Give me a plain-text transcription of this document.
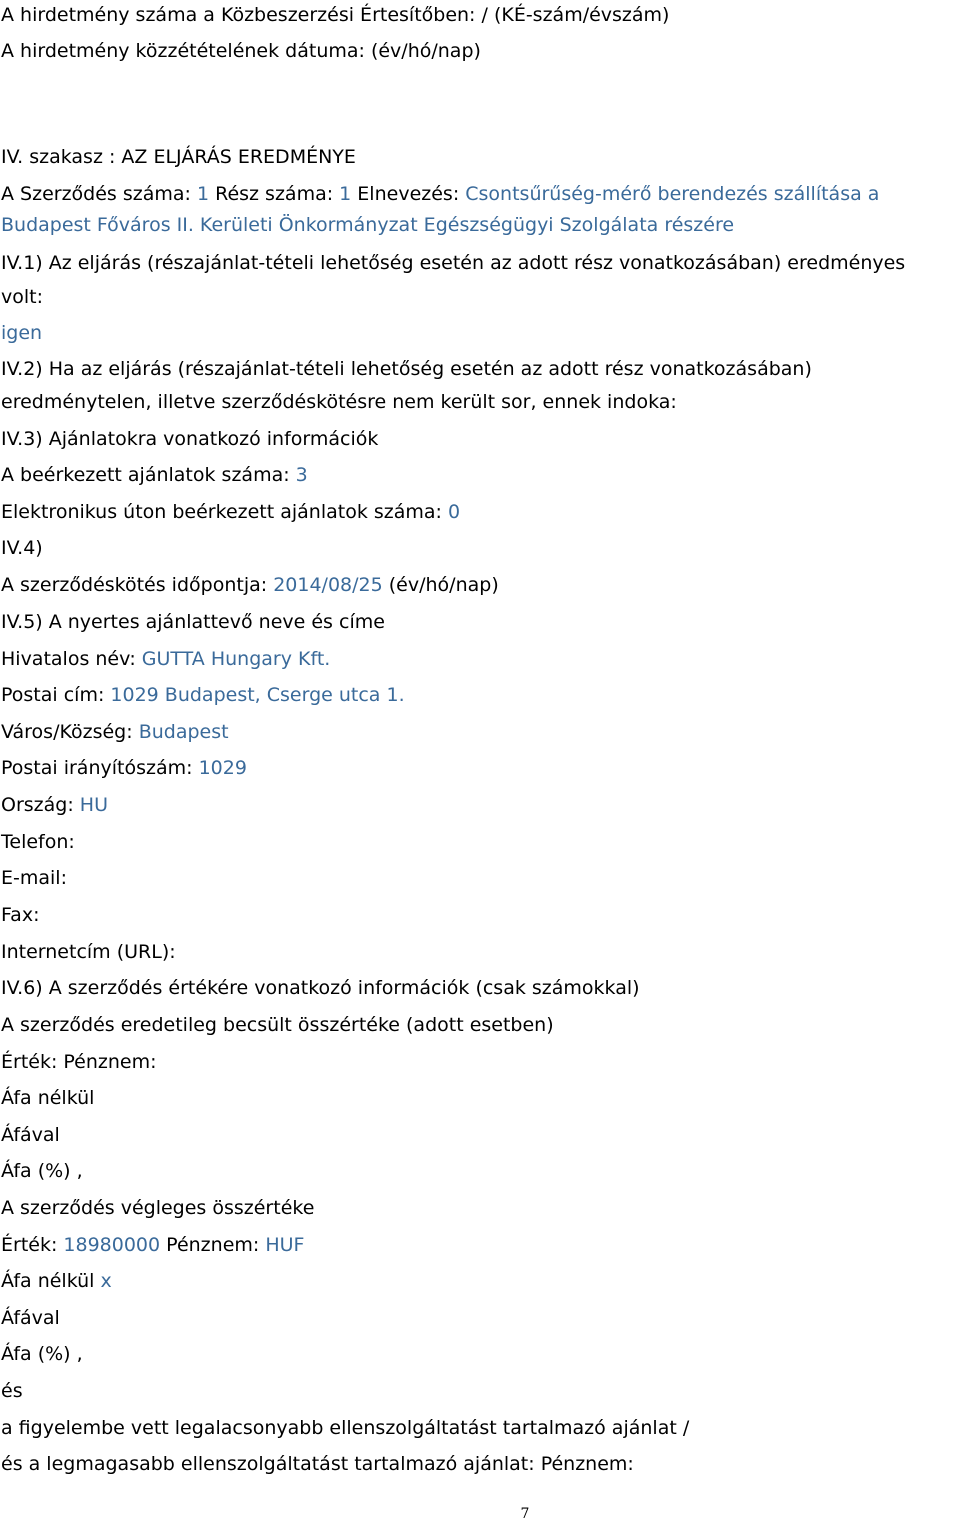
A hirdetmény száma a Közbeszerzési Értesítőben: / (KÉ-szám/évszám)

A hirdetmény közzétételének dátuma: (év/hó/nap)

IV. szakasz : AZ ELJÁRÁS EREDMÉNYE

A Szerződés száma: 1 Rész száma: 1 Elnevezés: Csontsűrűség-mérő berendezés szállítása a

Budapest Főváros II. Kerületi Önkormányzat Egészségügyi Szolgálata részére

IV.1) Az eljárás (részajánlat-tételi lehetőség esetén az adott rész vonatkozásában) eredményes

volt:

igen

IV.2) Ha az eljárás (részajánlat-tételi lehetőség esetén az adott rész vonatkozásában)

eredménytelen, illetve szerződéskötésre nem került sor, ennek indoka:

IV.3) Ajánlatokra vonatkozó információk

A beérkezett ajánlatok száma: 3

Elektronikus úton beérkezett ajánlatok száma: 0

IV.4)

A szerződéskötés időpontja: 2014/08/25 (év/hó/nap)

IV.5) A nyertes ajánlattevő neve és címe

Hivatalos név: GUTTA Hungary Kft.

Postai cím: 1029 Budapest, Cserge utca 1.

Város/Község: Budapest

Postai irányítószám: 1029

Ország: HU

Telefon:

E-mail:

Fax:

Internetcím (URL):

IV.6) A szerződés értékére vonatkozó információk (csak számokkal)

A szerződés eredetileg becsült összértéke (adott esetben)

Érték: Pénznem:

Áfa nélkül

Áfával

Áfa (%) ,

A szerződés végleges összértéke

Érték: 18980000 Pénznem: HUF

Áfa nélkül x

Áfával

Áfa (%) ,

és

a figyelembe vett legalacsonyabb ellenszolgáltatást tartalmazó ajánlat /

és a legmagasabb ellenszolgáltatást tartalmazó ajánlat: Pénznem:

7
